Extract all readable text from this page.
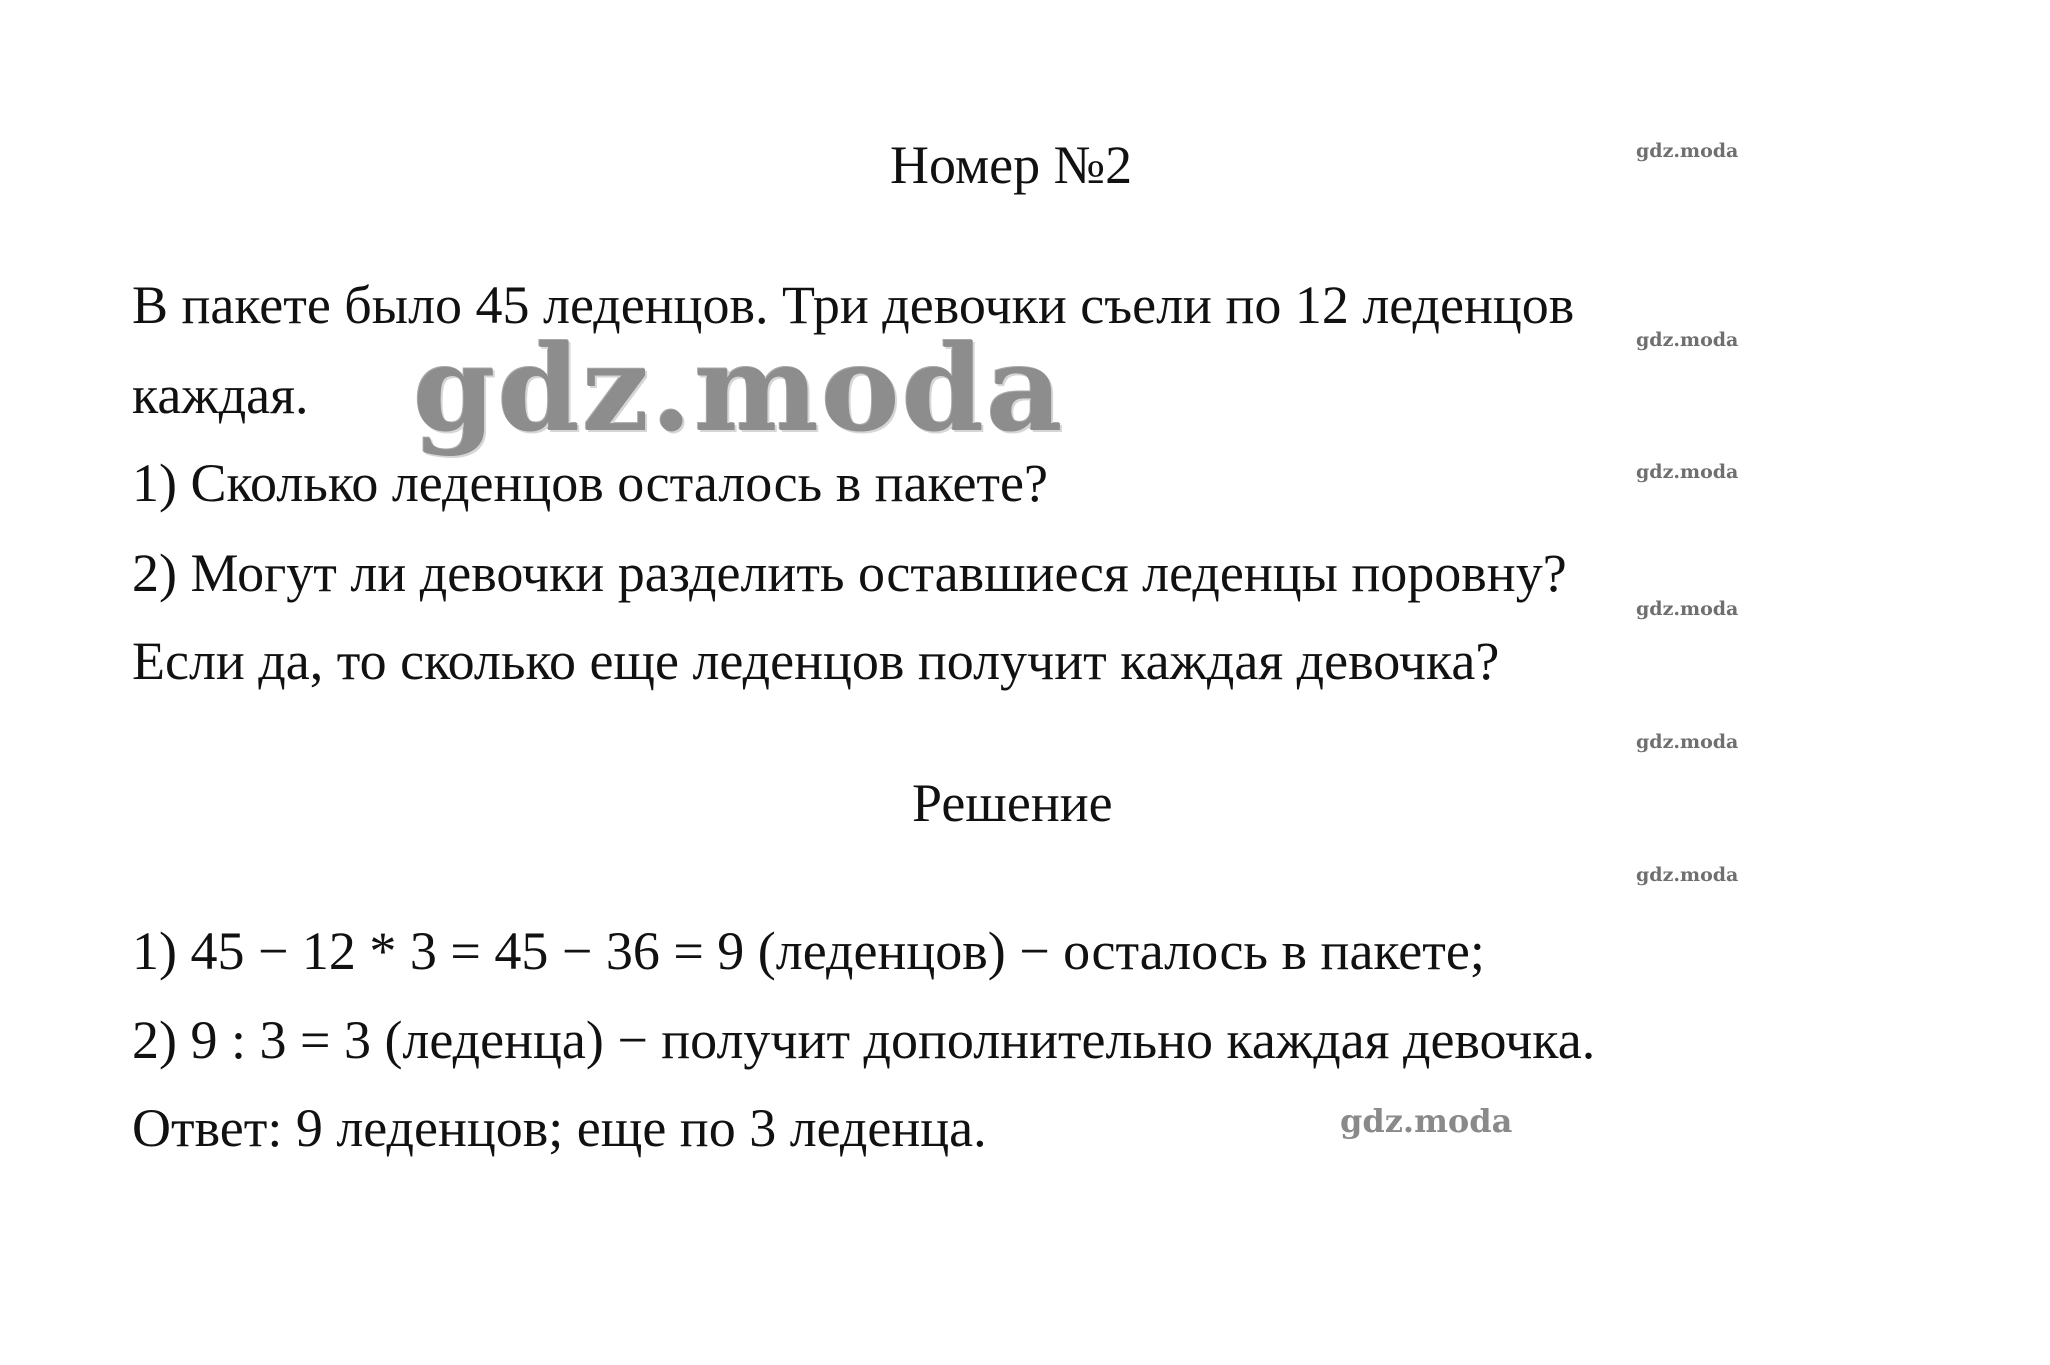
Номер №2
В пакете было 45 леденцов. Три девочки съели по 12 леденцов
каждая.
1) Сколько леденцов осталось в пакете?
2) Могут ли девочки разделить оставшиеся леденцы поровну?
Если да, то сколько еще леденцов получит каждая девочка?
Решение
1) 45 − 12 * 3 = 45 − 36 = 9 (леденцов) − осталось в пакете;
2) 9 : 3 = 3 (леденца) − получит дополнительно каждая девочка.
Ответ: 9 леденцов; еще по 3 леденца.
gdz.moda
gdz.moda
gdz.moda
gdz.moda
gdz.moda
gdz.moda
gdz.moda
gdz.moda
